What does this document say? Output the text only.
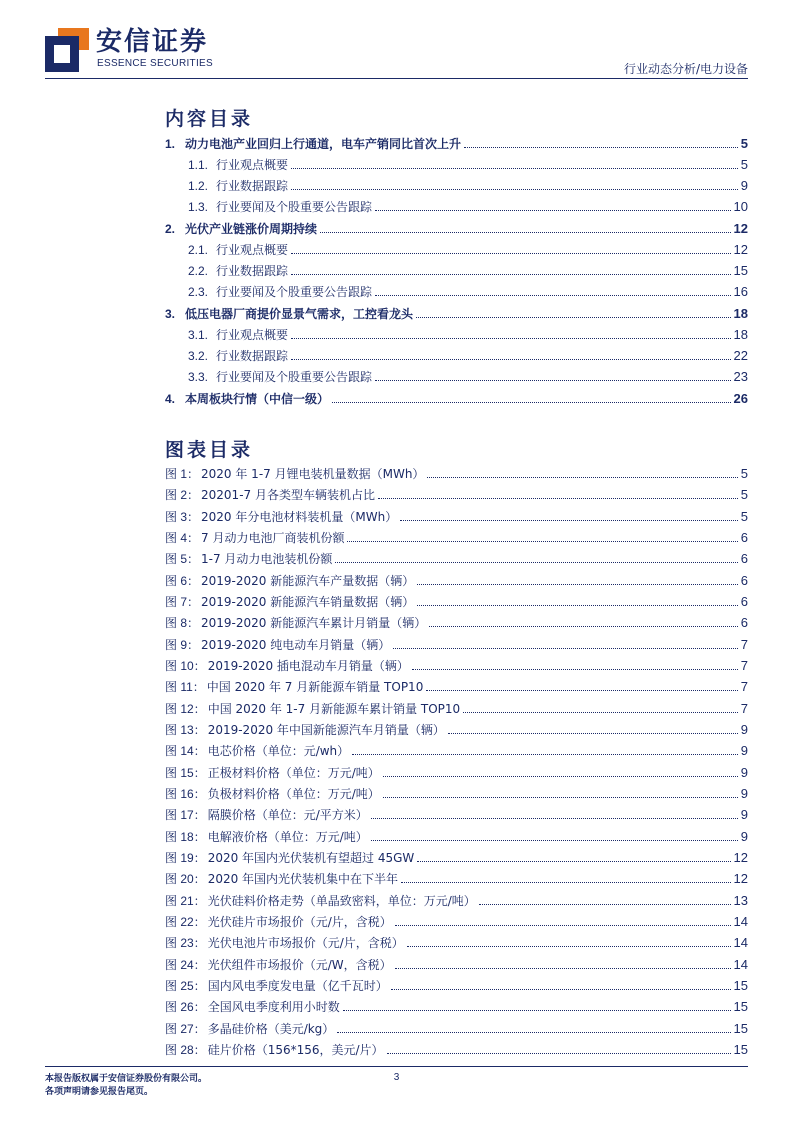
安信证券
ESSENCE SECURITIES	行业动态分析/电力设备
内容目录
1. 动力电池产业回归上行通道，电车产销同比首次上升	5
1.1. 行业观点概要	5
1.2. 行业数据跟踪	9
1.3. 行业要闻及个股重要公告跟踪	10
2. 光伏产业链涨价周期持续	12
2.1. 行业观点概要	12
2.2. 行业数据跟踪	15
2.3. 行业要闻及个股重要公告跟踪	16
3. 低压电器厂商提价显景气需求，工控看龙头	18
3.1. 行业观点概要	18
3.2. 行业数据跟踪	22
3.3. 行业要闻及个股重要公告跟踪	23
4. 本周板块行情（中信一级）	26
图表目录
图 1： 2020 年 1-7 月锂电装机量数据（MWh）	5
图 2： 20201-7 月各类型车辆装机占比	5
图 3： 2020 年分电池材料装机量（MWh）	5
图 4： 7 月动力电池厂商装机份额	6
图 5： 1-7 月动力电池装机份额	6
图 6： 2019-2020 新能源汽车产量数据（辆）	6
图 7： 2019-2020 新能源汽车销量数据（辆）	6
图 8： 2019-2020 新能源汽车累计月销量（辆）	6
图 9： 2019-2020 纯电动车月销量（辆）	7
图 10： 2019-2020 插电混动车月销量（辆）	7
图 11： 中国 2020 年 7 月新能源车销量 TOP10	7
图 12： 中国 2020 年 1-7 月新能源车累计销量 TOP10	7
图 13： 2019-2020 年中国新能源汽车月销量（辆）	9
图 14： 电芯价格（单位：元/wh）	9
图 15： 正极材料价格（单位：万元/吨）	9
图 16： 负极材料价格（单位：万元/吨）	9
图 17： 隔膜价格（单位：元/平方米）	9
图 18： 电解液价格（单位：万元/吨）	9
图 19： 2020 年国内光伏装机有望超过 45GW	12
图 20： 2020 年国内光伏装机集中在下半年	12
图 21： 光伏硅料价格走势（单晶致密料，单位：万元/吨）	13
图 22： 光伏硅片市场报价（元/片，含税）	14
图 23： 光伏电池片市场报价（元/片，含税）	14
图 24： 光伏组件市场报价（元/W，含税）	14
图 25： 国内风电季度发电量（亿千瓦时）	15
图 26： 全国风电季度利用小时数	15
图 27： 多晶硅价格（美元/kg）	15
图 28： 硅片价格（156*156，美元/片）	15
本报告版权属于安信证券股份有限公司。
各项声明请参见报告尾页。
3
